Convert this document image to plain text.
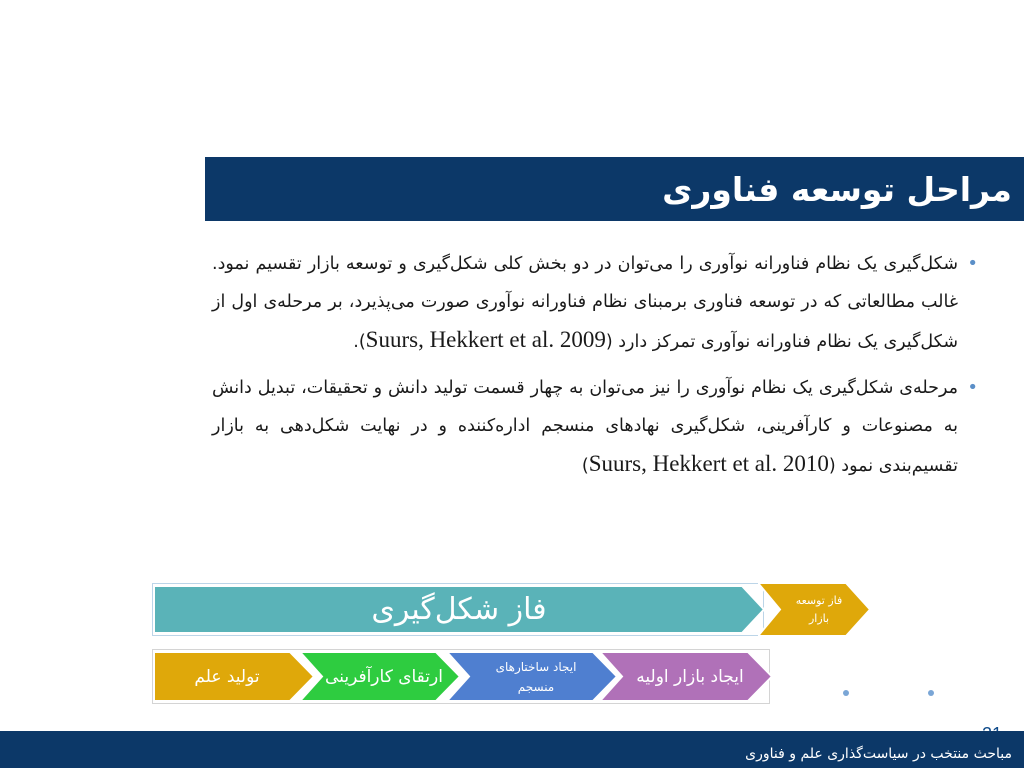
مراحل توسعه فناوری
•
شکل‌گیری یک نظام فناورانه نوآوری را می‌توان در دو بخش کلی شکل‌گیری و توسعه بازار تقسیم نمود. غالب مطالعاتی که در توسعه فناوری برمبنای نظام فناورانه نوآوری صورت می‌پذیرد، بر مرحله‌ی اول از شکل‌گیری یک نظام فناورانه نوآوری تمرکز دارد (Suurs, Hekkert et al. 2009).
•
مرحله‌ی شکل‌گیری یک نظام نوآوری را نیز می‌توان به چهار قسمت تولید دانش و تحقیقات، تبدیل دانش به مصنوعات و کارآفرینی، شکل‌گیری نهادهای منسجم اداره‌کننده و در نهایت شکل‌دهی به بازار تقسیم‌بندی نمود (Suurs, Hekkert et al. 2010)
فاز شکل‌گیری	فاز توسعه
بازار
تولید علم	ارتقای کارآفرینی	ایجاد ساختارهای
منسجم	ایجاد بازار اولیه
مباحث منتخب در سیاست‌گذاری علم و فناوری
